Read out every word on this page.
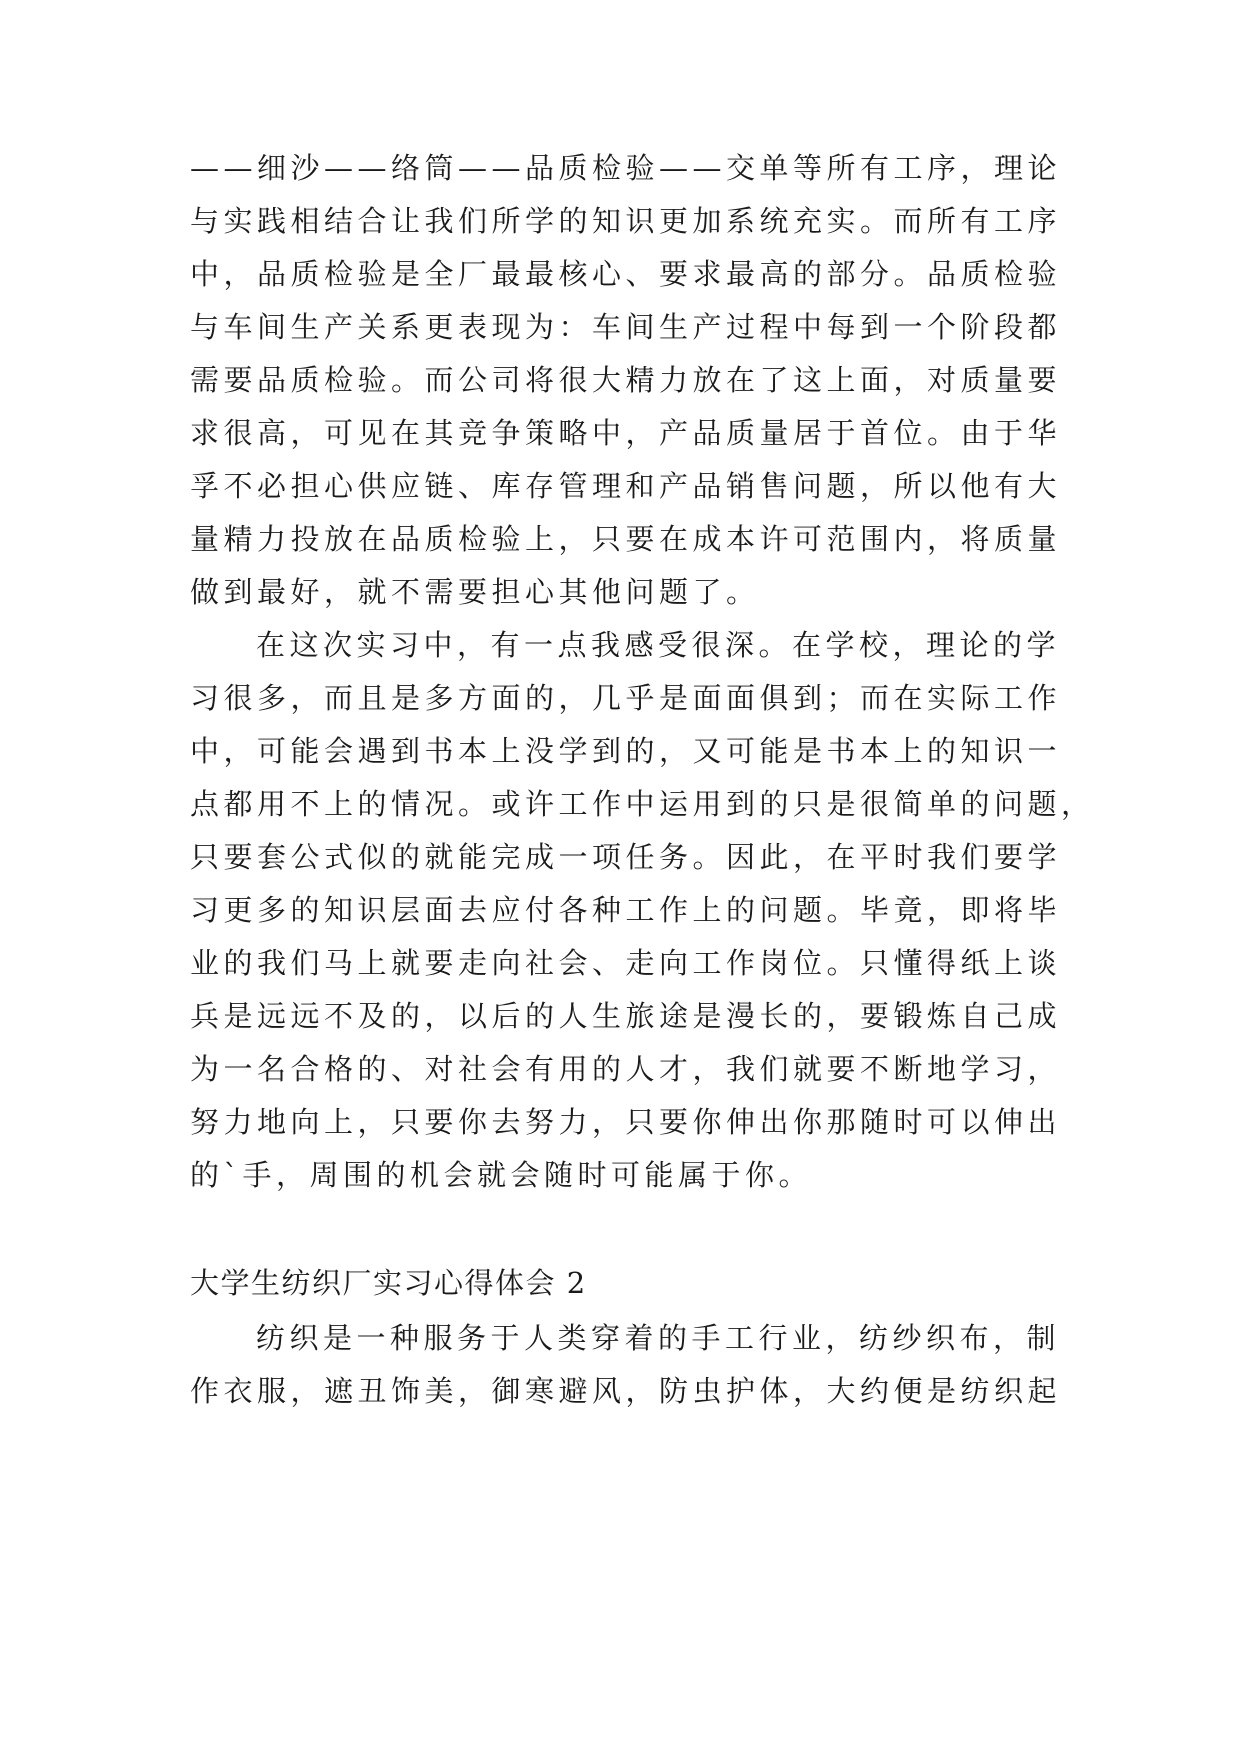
——细沙——络筒——品质检验——交单等所有工序，理论
与实践相结合让我们所学的知识更加系统充实。而所有工序
中，品质检验是全厂最最核心、要求最高的部分。品质检验
与车间生产关系更表现为：车间生产过程中每到一个阶段都
需要品质检验。而公司将很大精力放在了这上面，对质量要
求很高，可见在其竞争策略中，产品质量居于首位。由于华
孚不必担心供应链、库存管理和产品销售问题，所以他有大
量精力投放在品质检验上，只要在成本许可范围内，将质量
做到最好，就不需要担心其他问题了。
在这次实习中，有一点我感受很深。在学校，理论的学
习很多，而且是多方面的，几乎是面面俱到；而在实际工作
中，可能会遇到书本上没学到的，又可能是书本上的知识一
点都用不上的情况。或许工作中运用到的只是很简单的问题，
只要套公式似的就能完成一项任务。因此，在平时我们要学
习更多的知识层面去应付各种工作上的问题。毕竟，即将毕
业的我们马上就要走向社会、走向工作岗位。只懂得纸上谈
兵是远远不及的，以后的人生旅途是漫长的，要锻炼自己成
为一名合格的、对社会有用的人才，我们就要不断地学习，
努力地向上，只要你去努力，只要你伸出你那随时可以伸出
的`手，周围的机会就会随时可能属于你。
大学生纺织厂实习心得体会 2
纺织是一种服务于人类穿着的手工行业，纺纱织布，制
作衣服，遮丑饰美，御寒避风，防虫护体，大约便是纺织起
